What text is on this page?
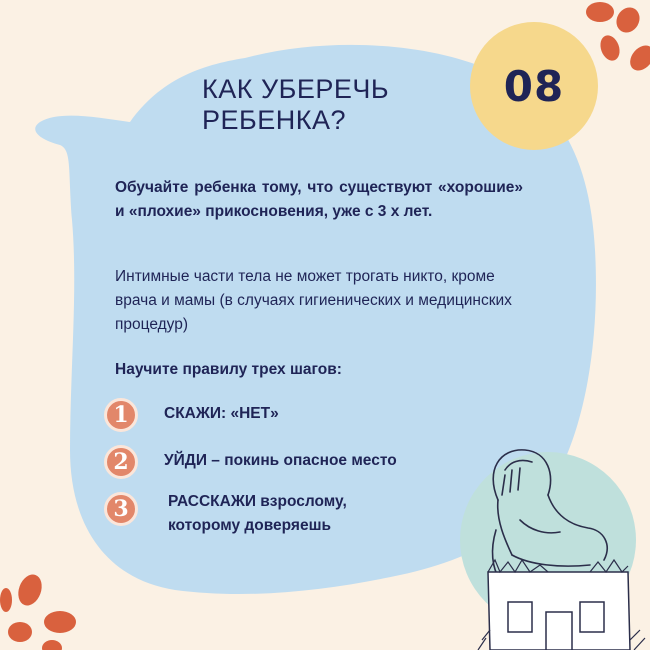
08
КАК УБЕРЕЧЬ
РЕБЕНКА?
Обучайте ребенка тому, что существуют «хорошие» и «плохие» прикосновения, уже с 3 х лет.
Интимные части тела не может трогать никто, кроме врача и мамы (в случаях гигиенических и медицинских процедур)
Научите правилу трех шагов:
1	СКАЖИ: «НЕТ»
2	УЙДИ – покинь опасное место
3	РАССКАЖИ взрослому,
которому доверяешь
